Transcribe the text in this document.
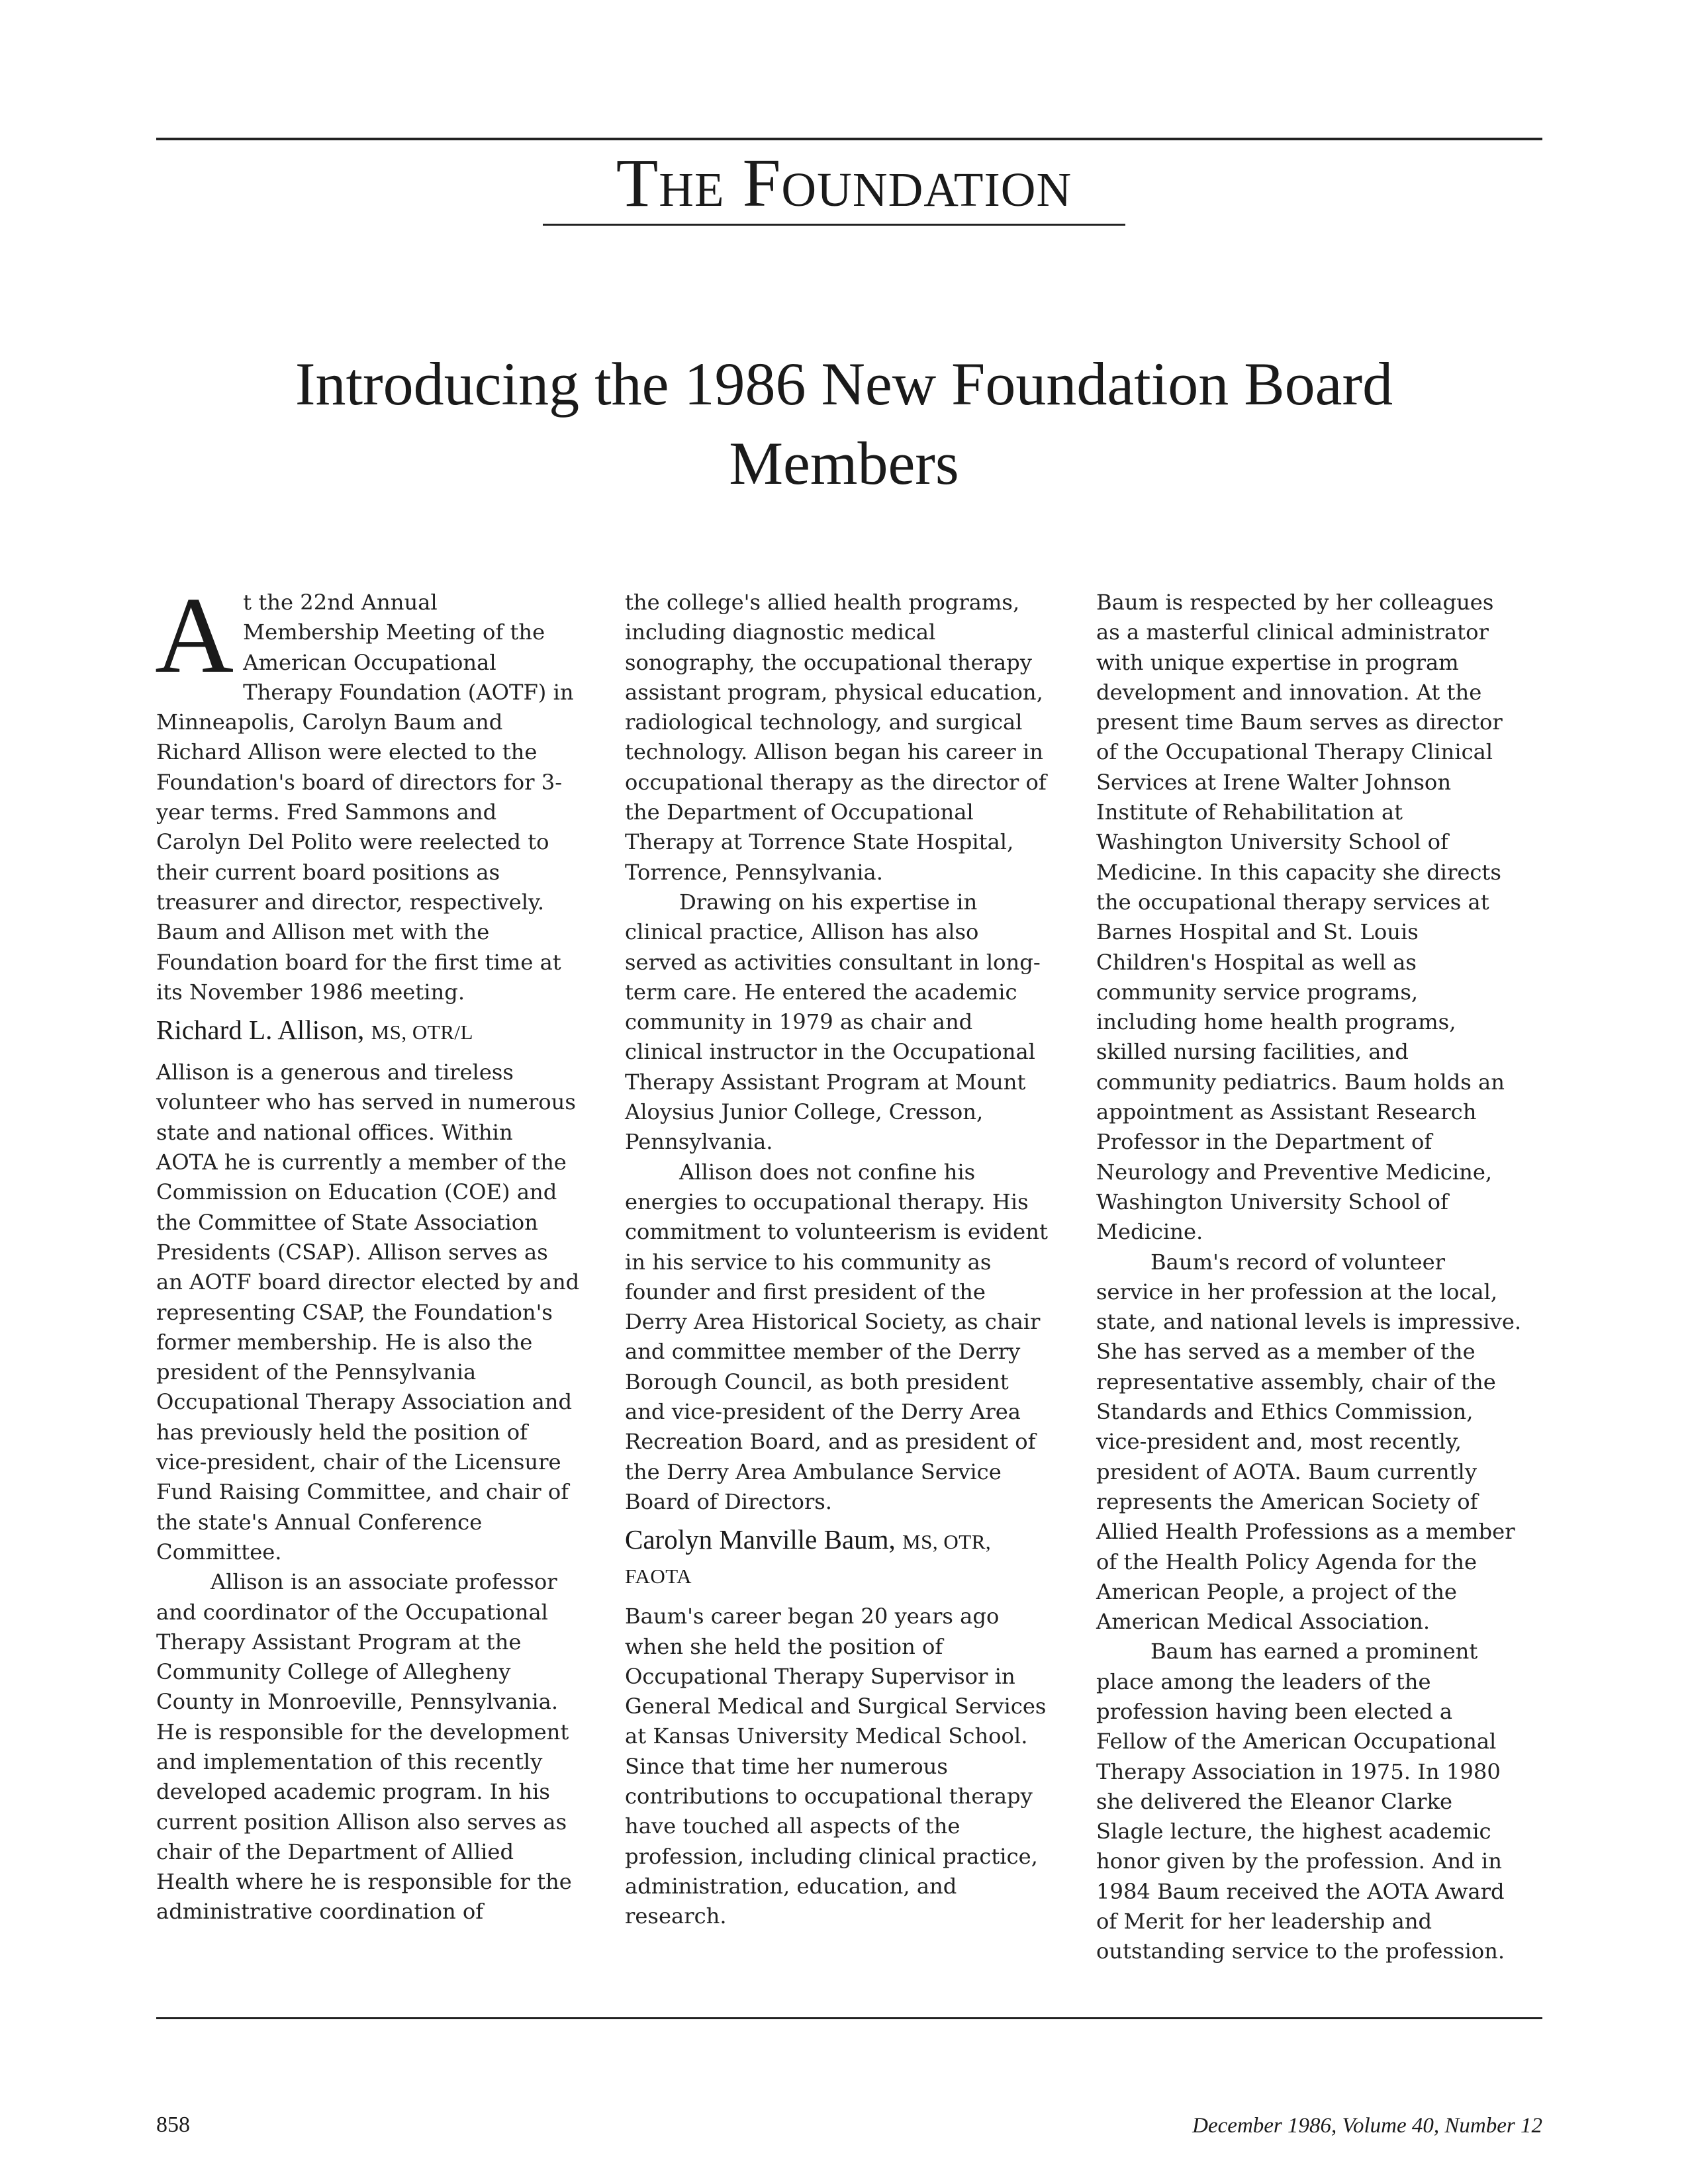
The Foundation
Introducing the 1986 New Foundation Board Members

At the 22nd Annual Membership Meeting of the American Occupational Therapy Foundation (AOTF) in Minneapolis, Carolyn Baum and Richard Allison were elected to the Foundation's board of directors for 3-year terms. Fred Sammons and Carolyn Del Polito were reelected to their current board positions as treasurer and director, respectively. Baum and Allison met with the Foundation board for the first time at its November 1986 meeting.

Richard L. Allison, MS, OTR/L

Allison is a generous and tireless volunteer who has served in numerous state and national offices. Within AOTA he is currently a member of the Commission on Education (COE) and the Committee of State Association Presidents (CSAP). Allison serves as an AOTF board director elected by and representing CSAP, the Foundation's former membership. He is also the president of the Pennsylvania Occupational Therapy Association and has previously held the position of vice-president, chair of the Licensure Fund Raising Committee, and chair of the state's Annual Conference Committee.

Allison is an associate professor and coordinator of the Occupational Therapy Assistant Program at the Community College of Allegheny County in Monroeville, Pennsylvania. He is responsible for the development and implementation of this recently developed academic program. In his current position Allison also serves as chair of the Department of Allied Health where he is responsible for the administrative coordination of

the college's allied health programs, including diagnostic medical sonography, the occupational therapy assistant program, physical education, radiological technology, and surgical technology. Allison began his career in occupational therapy as the director of the Department of Occupational Therapy at Torrence State Hospital, Torrence, Pennsylvania.

Drawing on his expertise in clinical practice, Allison has also served as activities consultant in long-term care. He entered the academic community in 1979 as chair and clinical instructor in the Occupational Therapy Assistant Program at Mount Aloysius Junior College, Cresson, Pennsylvania.

Allison does not confine his energies to occupational therapy. His commitment to volunteerism is evident in his service to his community as founder and first president of the Derry Area Historical Society, as chair and committee member of the Derry Borough Council, as both president and vice-president of the Derry Area Recreation Board, and as president of the Derry Area Ambulance Service Board of Directors.

Carolyn Manville Baum, MS, OTR, FAOTA

Baum's career began 20 years ago when she held the position of Occupational Therapy Supervisor in General Medical and Surgical Services at Kansas University Medical School. Since that time her numerous contributions to occupational therapy have touched all aspects of the profession, including clinical practice, administration, education, and research.

Baum is respected by her colleagues as a masterful clinical administrator with unique expertise in program development and innovation. At the present time Baum serves as director of the Occupational Therapy Clinical Services at Irene Walter Johnson Institute of Rehabilitation at Washington University School of Medicine. In this capacity she directs the occupational therapy services at Barnes Hospital and St. Louis Children's Hospital as well as community service programs, including home health programs, skilled nursing facilities, and community pediatrics. Baum holds an appointment as Assistant Research Professor in the Department of Neurology and Preventive Medicine, Washington University School of Medicine.

Baum's record of volunteer service in her profession at the local, state, and national levels is impressive. She has served as a member of the representative assembly, chair of the Standards and Ethics Commission, vice-president and, most recently, president of AOTA. Baum currently represents the American Society of Allied Health Professions as a member of the Health Policy Agenda for the American People, a project of the American Medical Association.

Baum has earned a prominent place among the leaders of the profession having been elected a Fellow of the American Occupational Therapy Association in 1975. In 1980 she delivered the Eleanor Clarke Slagle lecture, the highest academic honor given by the profession. And in 1984 Baum received the AOTA Award of Merit for her leadership and outstanding service to the profession.

858	December 1986, Volume 40, Number 12
